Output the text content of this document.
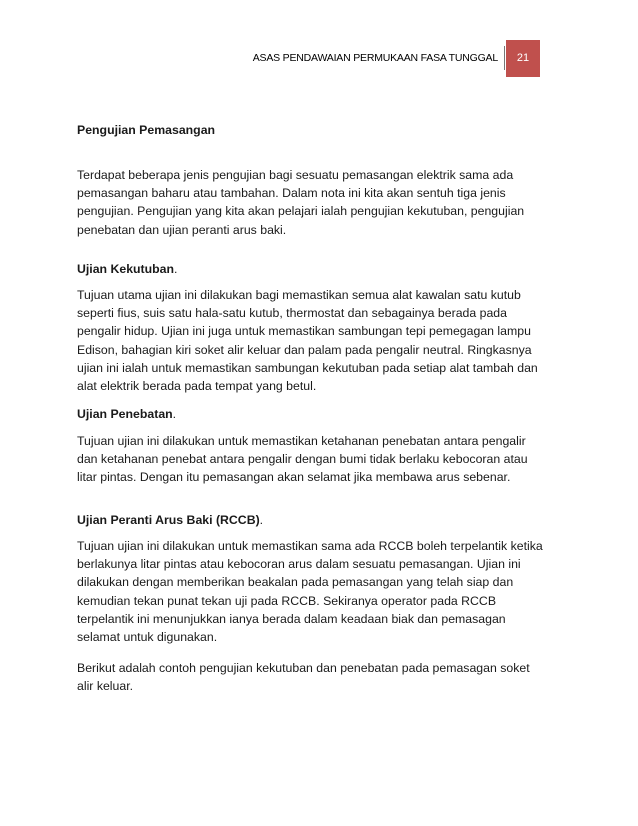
ASAS PENDAWAIAN PERMUKAAN FASA TUNGGAL	21
Pengujian Pemasangan

Terdapat beberapa jenis pengujian bagi sesuatu pemasangan elektrik sama ada pemasangan baharu atau tambahan. Dalam nota ini kita akan sentuh tiga jenis pengujian. Pengujian yang kita akan pelajari ialah pengujian kekutuban, pengujian penebatan dan ujian peranti arus baki.

Ujian Kekutuban.

Tujuan utama ujian ini dilakukan bagi memastikan semua alat kawalan satu kutub seperti fius, suis satu hala-satu kutub, thermostat dan sebagainya berada pada pengalir hidup. Ujian ini juga untuk memastikan sambungan tepi pemegagan lampu Edison, bahagian kiri soket alir keluar dan palam pada pengalir neutral. Ringkasnya ujian ini ialah untuk memastikan sambungan kekutuban pada setiap alat tambah dan alat elektrik berada pada tempat yang betul.

Ujian Penebatan.

Tujuan ujian ini dilakukan untuk memastikan ketahanan penebatan antara pengalir dan ketahanan penebat antara pengalir dengan bumi tidak berlaku kebocoran atau litar pintas. Dengan itu pemasangan akan selamat jika membawa arus sebenar.

Ujian Peranti Arus Baki (RCCB).

Tujuan ujian ini dilakukan untuk memastikan sama ada RCCB boleh terpelantik ketika berlakunya litar pintas atau kebocoran arus dalam sesuatu pemasangan. Ujian ini dilakukan dengan memberikan beakalan pada pemasangan yang telah siap dan kemudian tekan punat tekan uji pada RCCB. Sekiranya operator pada RCCB terpelantik ini menunjukkan ianya berada dalam keadaan biak dan pemasagan selamat untuk digunakan.

Berikut adalah contoh pengujian kekutuban dan penebatan pada pemasagan soket alir keluar.
